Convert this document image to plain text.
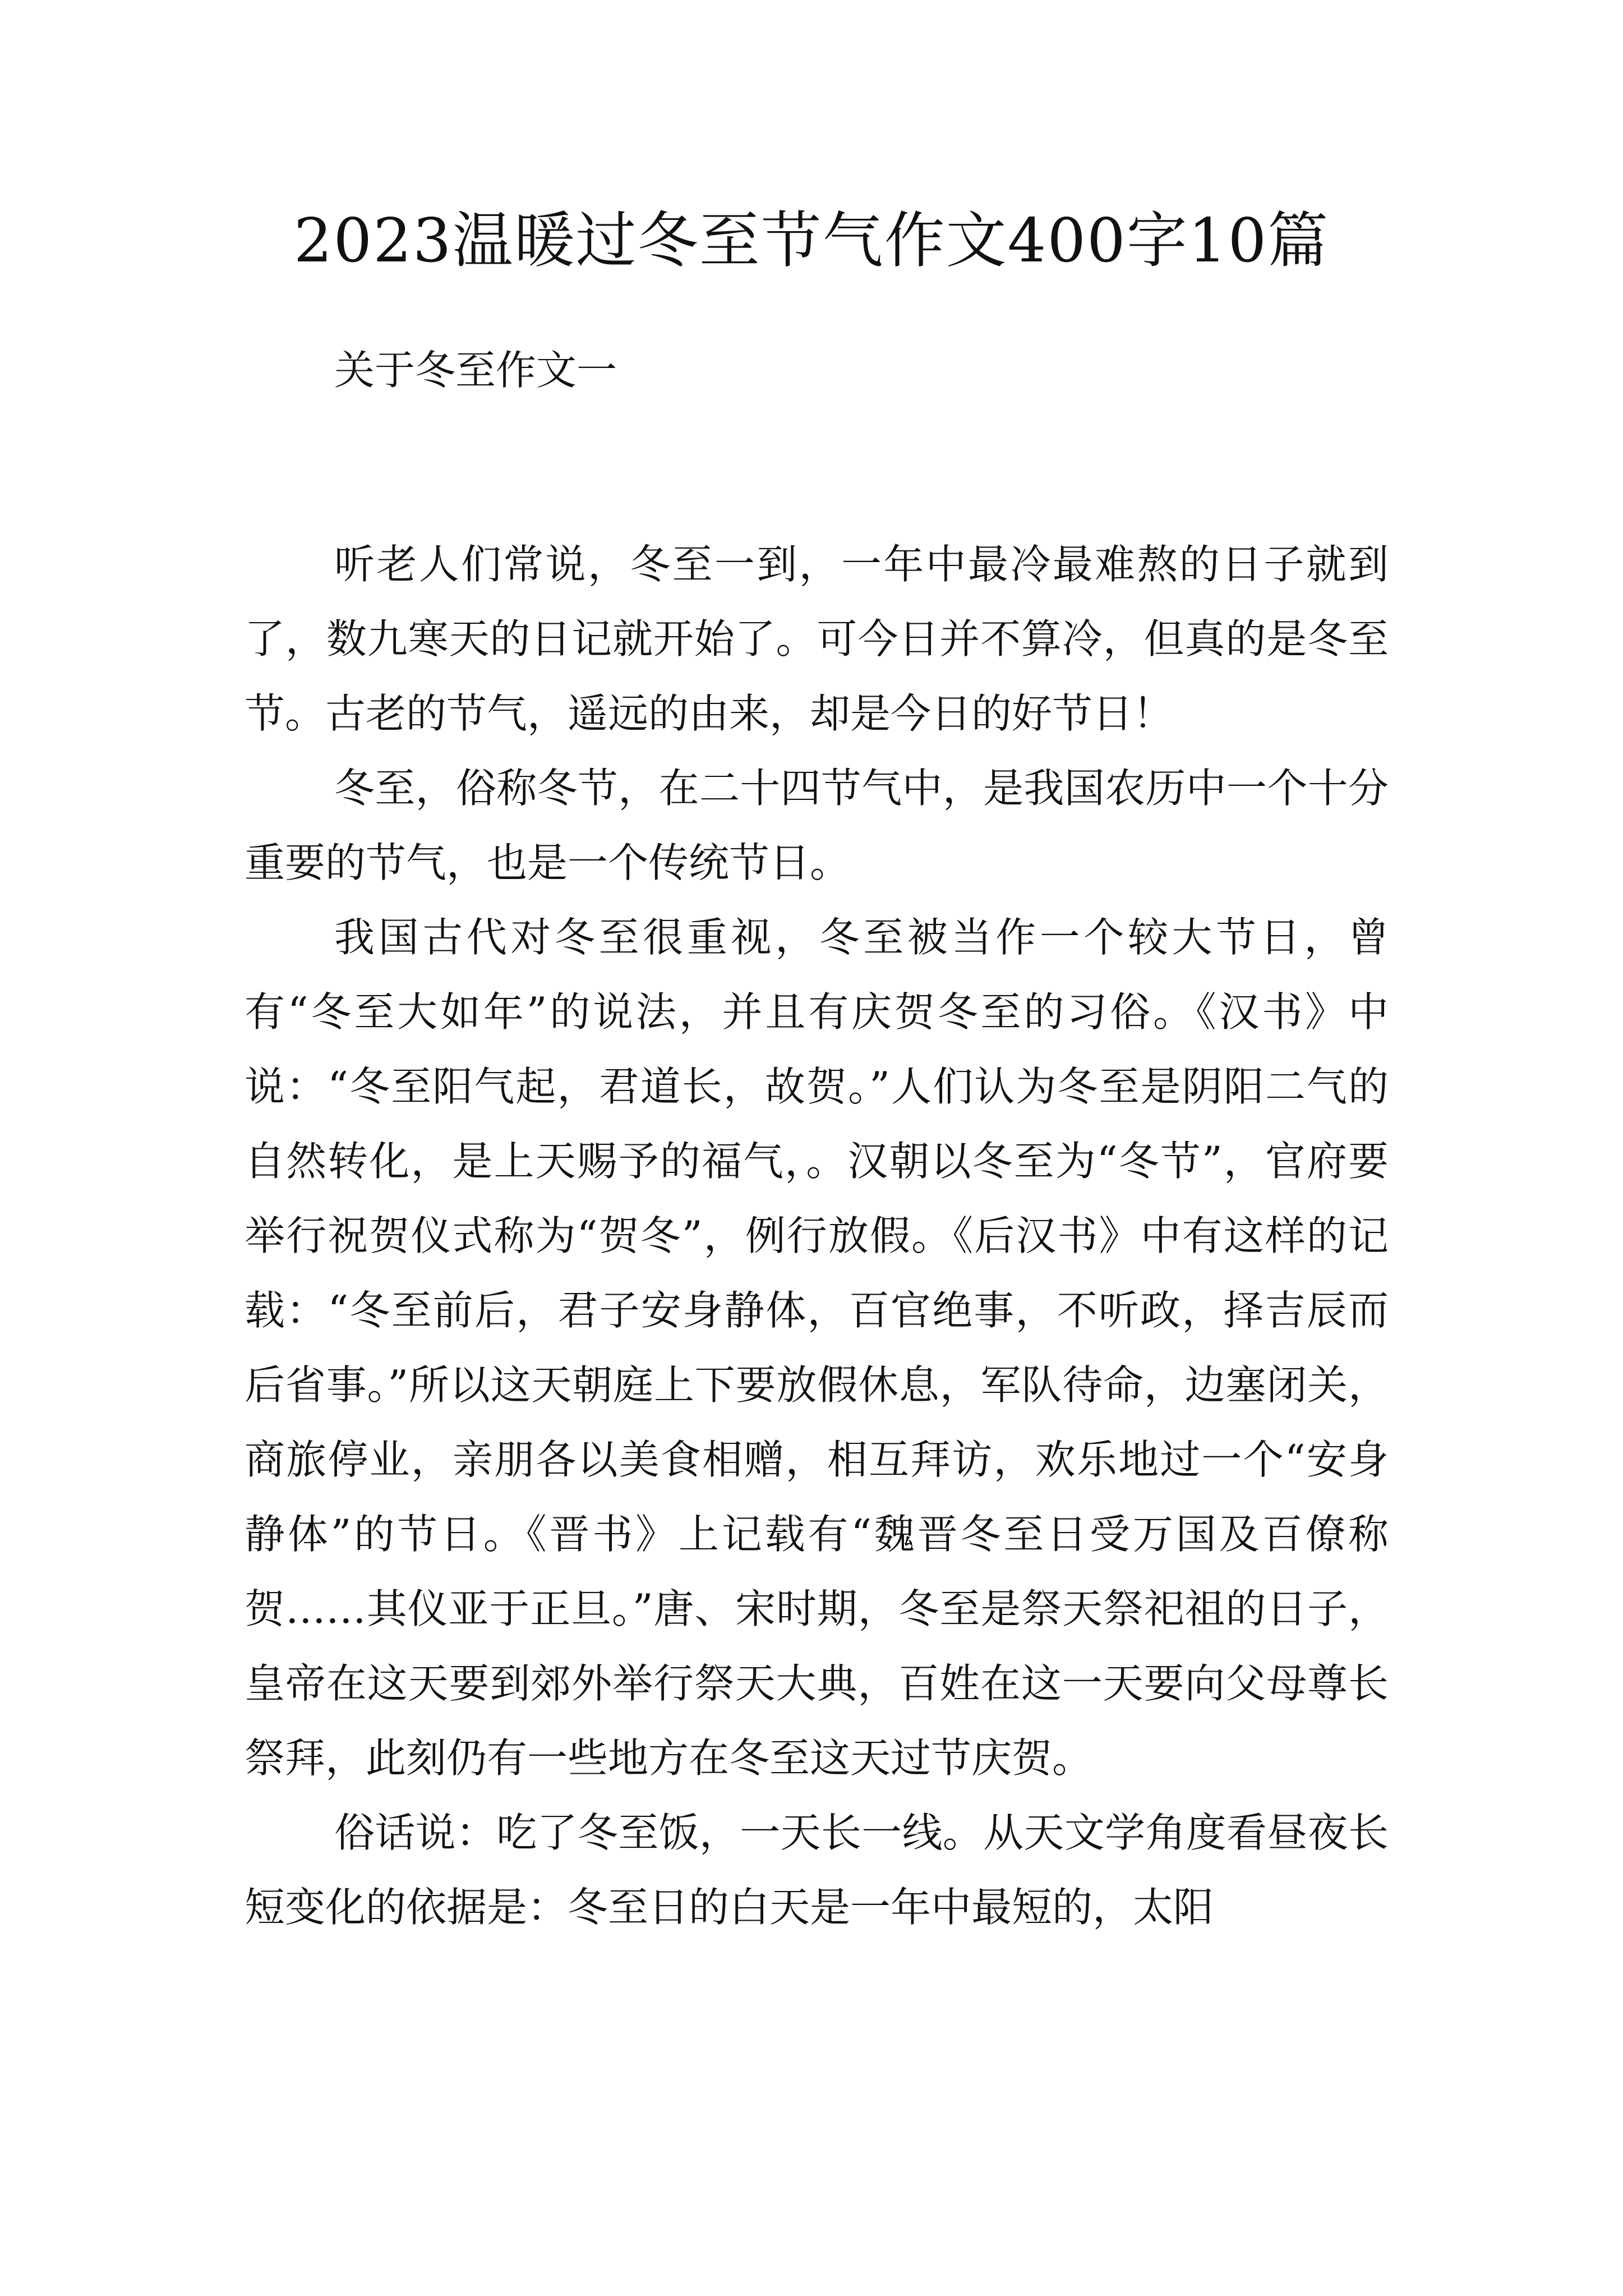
2023温暖过冬至节气作文400字10篇
关于冬至作文一

听老人们常说，冬至一到，一年中最冷最难熬的日子就到了，数九寒天的日记就开始了。可今日并不算冷，但真的是冬至节。古老的节气，遥远的由来，却是今日的好节日！

冬至，俗称冬节，在二十四节气中，是我国农历中一个十分重要的节气，也是一个传统节日。

我国古代对冬至很重视，冬至被当作一个较大节日，曾有“冬至大如年”的说法，并且有庆贺冬至的习俗。《汉书》中说：“冬至阳气起，君道长，故贺。”人们认为冬至是阴阳二气的自然转化，是上天赐予的福气，。汉朝以冬至为“冬节”，官府要举行祝贺仪式称为“贺冬”，例行放假。《后汉书》中有这样的记载：“冬至前后，君子安身静体，百官绝事，不听政，择吉辰而后省事。”所以这天朝庭上下要放假休息，军队待命，边塞闭关，商旅停业，亲朋各以美食相赠，相互拜访，欢乐地过一个“安身静体”的节日。《晋书》上记载有“魏晋冬至日受万国及百僚称贺……其仪亚于正旦。”唐、宋时期，冬至是祭天祭祀祖的日子，皇帝在这天要到郊外举行祭天大典，百姓在这一天要向父母尊长祭拜，此刻仍有一些地方在冬至这天过节庆贺。

俗话说：吃了冬至饭，一天长一线。从天文学角度看昼夜长短变化的依据是：冬至日的白天是一年中最短的，太阳
